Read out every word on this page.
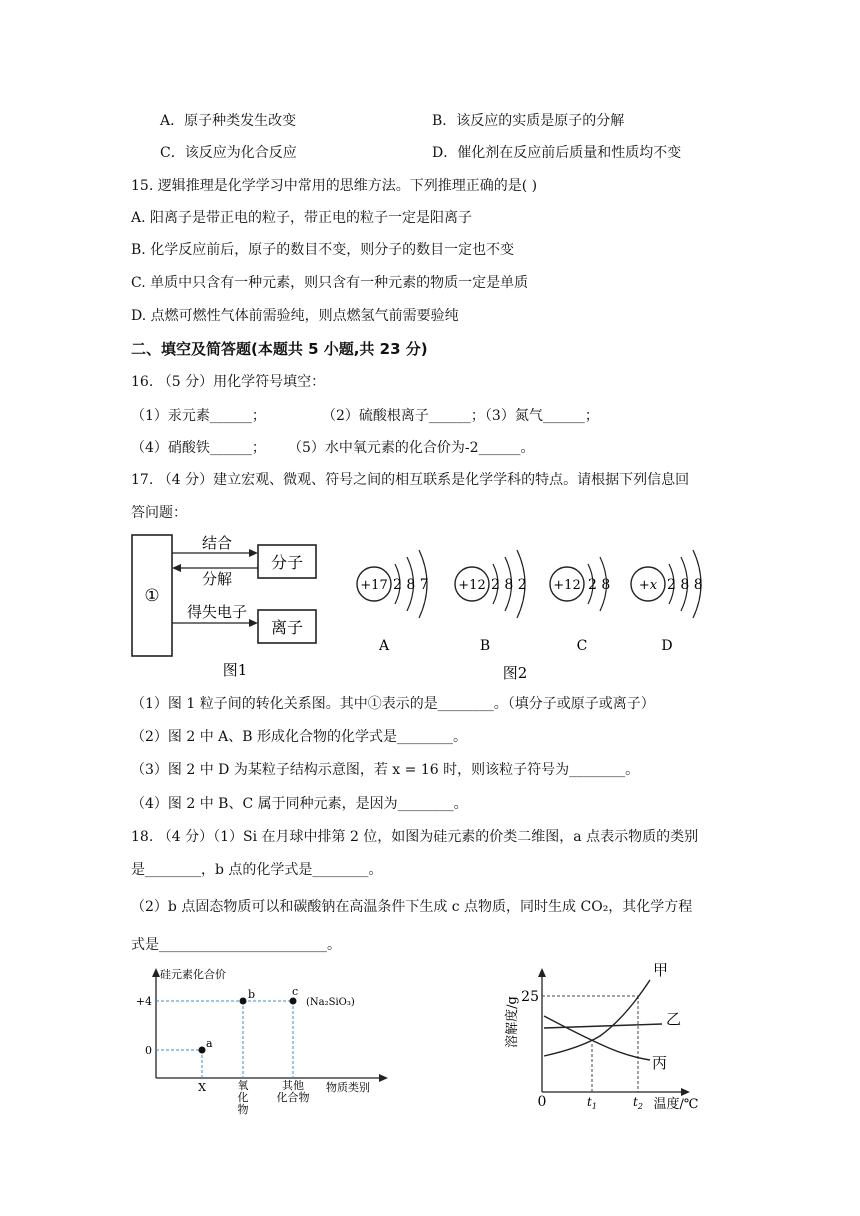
A．原子种类发生改变	B．该反应的实质是原子的分解
C．该反应为化合反应	D．催化剂在反应前后质量和性质均不变
15. 逻辑推理是化学学习中常用的思维方法。下列推理正确的是( )
A. 阳离子是带正电的粒子，带正电的粒子一定是阳离子
B. 化学反应前后，原子的数目不变，则分子的数目一定也不变
C. 单质中只含有一种元素，则只含有一种元素的物质一定是单质
D. 点燃可燃性气体前需验纯，则点燃氢气前需要验纯
二、填空及简答题(本题共 5 小题,共 23 分)
16. （5 分）用化学符号填空：
（1）汞元素______；	（2）硫酸根离子______；（3）氮气______；
（4）硝酸铁______； （5）水中氧元素的化合价为-2______。
17. （4 分）建立宏观、微观、符号之间的相互联系是化学学科的特点。请根据下列信息回
答问题：
①
分子
离子
结合
分解
得失电子
图1
+17 2 8 7
A
+12 2 8 2
B
+12 2 8
C
+x 2 8 8
D
图2
（1）图 1 粒子间的转化关系图。其中①表示的是________。（填分子或原子或离子）
（2）图 2 中 A、B 形成化合物的化学式是________。
（3）图 2 中 D 为某粒子结构示意图，若 x = 16 时，则该粒子符号为________。
（4）图 2 中 B、C 属于同种元素，是因为________。
18. （4 分）（1）Si 在月球中排第 2 位，如图为硅元素的价类二维图，a 点表示物质的类别
是________，b 点的化学式是________。
（2）b 点固态物质可以和碳酸钠在高温条件下生成 c 点物质，同时生成 CO₂，其化学方程
式是________________________。
硅元素化合价
+4
0
a
b	c
(Na₂SiO₃)
X	氧
化
物
其他
化合物
物质类别
溶解度/g 25
0	$t_1$	$t_2$ 温度/℃
甲
乙
丙
